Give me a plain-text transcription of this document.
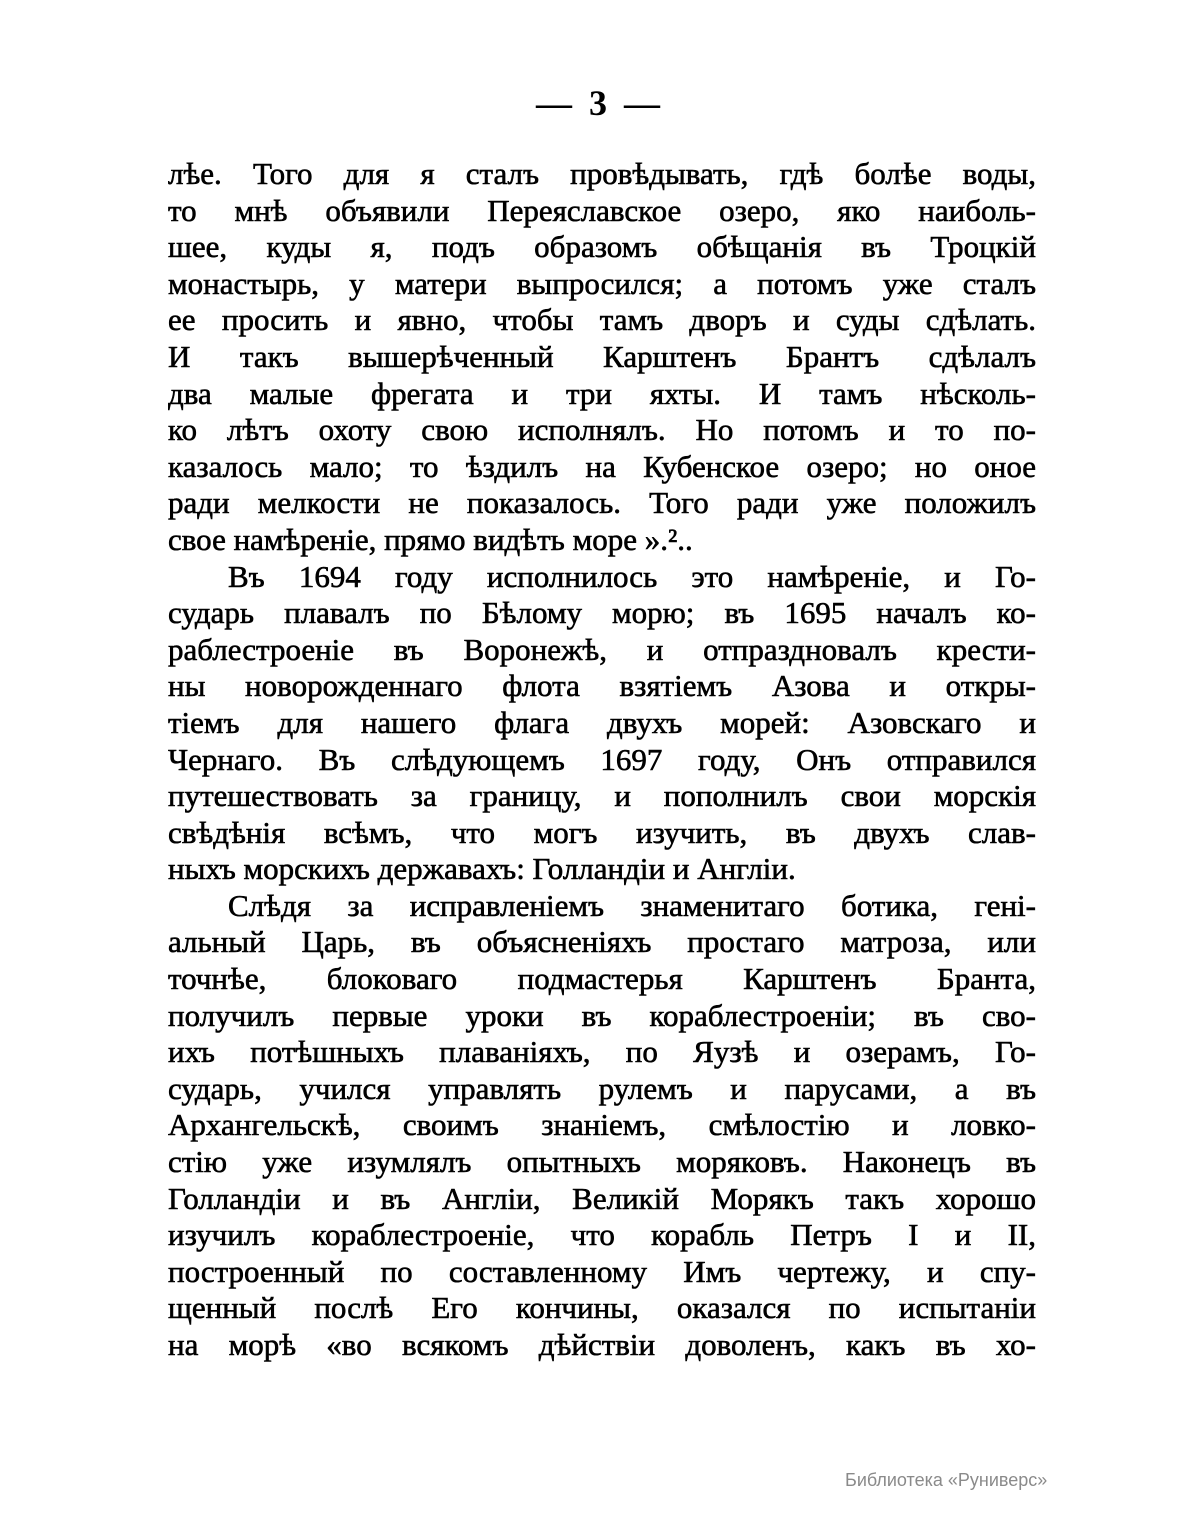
— 3 —
лѣе. Того для я сталъ провѣдывать, гдѣ болѣе воды,
то мнѣ объявили Переяславское озеро, яко наиболь-
шее, куды я, подъ образомъ обѣщанія въ Троцкій
монастырь, у матери выпросился; а потомъ уже сталъ
ее просить и явно, чтобы тамъ дворъ и суды сдѣлать.
И такъ вышерѣченный Карштенъ Брантъ сдѣлалъ
два малые фрегата и три яхты. И тамъ нѣсколь-
ко лѣтъ охоту свою исполнялъ. Но потомъ и то по-
казалось мало; то ѣздилъ на Кубенское озеро; но оное
ради мелкости не показалось. Того ради уже положилъ
свое намѣреніе, прямо видѣть море ».²..
Въ 1694 году исполнилось это намѣреніе, и Го-
сударь плавалъ по Бѣлому морю; въ 1695 началъ ко-
раблестроеніе въ Воронежѣ, и отпраздновалъ крести-
ны новорожденнаго флота взятіемъ Азова и откры-
тіемъ для нашего флага двухъ морей: Азовскаго и
Чернаго. Въ слѣдующемъ 1697 году, Онъ отправился
путешествовать за границу, и пополнилъ свои морскія
свѣдѣнія всѣмъ, что могъ изучить, въ двухъ слав-
ныхъ морскихъ державахъ: Голландіи и Англіи.
Слѣдя за исправленіемъ знаменитаго ботика, гені-
альный Царь, въ объясненіяхъ простаго матроза, или
точнѣе, блоковаго подмастерья Карштенъ Бранта,
получилъ первые уроки въ кораблестроеніи; въ сво-
ихъ потѣшныхъ плаваніяхъ, по Яузѣ и озерамъ, Го-
сударь, учился управлять рулемъ и парусами, а въ
Архангельскѣ, своимъ знаніемъ, смѣлостію и ловко-
стію уже изумлялъ опытныхъ моряковъ. Наконецъ въ
Голландіи и въ Англіи, Великій Морякъ такъ хорошо
изучилъ кораблестроеніе, что корабль Петръ I и II,
построенный по составленному Имъ чертежу, и спу-
щенный послѣ Его кончины, оказался по испытаніи
на морѣ «во всякомъ дѣйствіи доволенъ, какъ въ хо-
Библиотека «Руниверс»
